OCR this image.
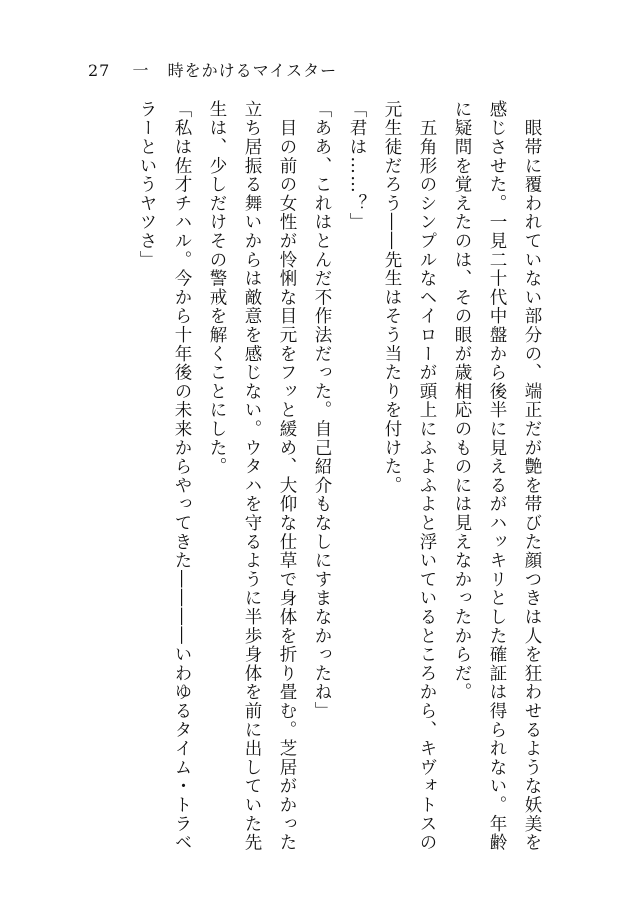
27 一 時をかけるマイスター

　眼帯に覆われていない部分の、端正だが艶を帯びた顔つきは人を狂わせるような妖美を感じさせた。一見二十代中盤から後半に見えるがハッキリとした確証は得られない。年齢に疑問を覚えたのは、その眼が歳相応のものには見えなかったからだ。

　五角形のシンプルなヘイローが頭上にふよふよと浮いているところから、キヴォトスの元生徒だろう――先生はそう当たりを付けた。

「君は……？」

「ああ、これはとんだ不作法だった。自己紹介もなしにすまなかったね」

　目の前の女性が怜悧な目元をフッと緩め、大仰な仕草で身体を折り畳む。芝居がかった立ち居振る舞いからは敵意を感じない。ウタハを守るように半歩身体を前に出していた先生は、少しだけその警戒を解くことにした。

「私は佐才チハル。今から十年後の未来からやってきた――――いわゆるタイム・トラベラーというヤツさ」
